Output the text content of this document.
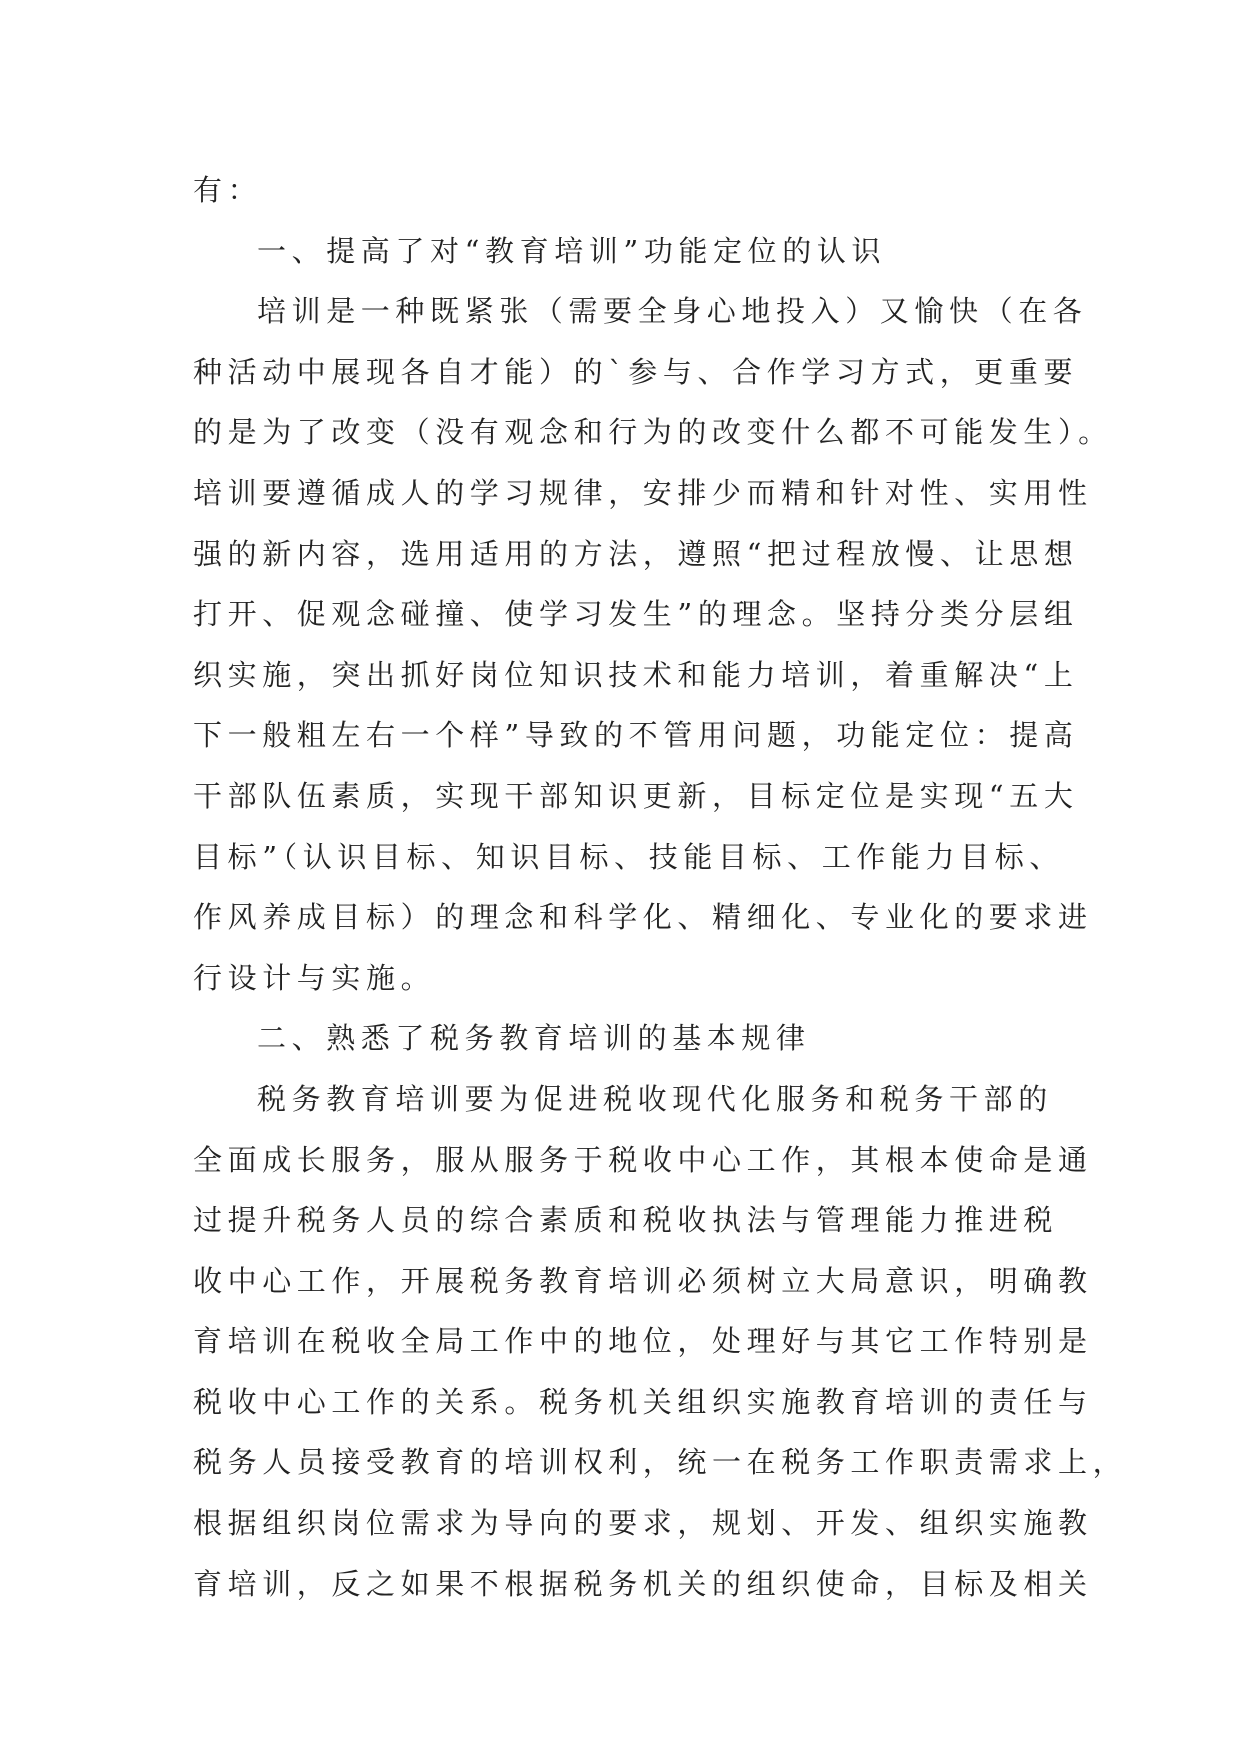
有：
一、提高了对“教育培训”功能定位的认识
培训是一种既紧张（需要全身心地投入）又愉快（在各
种活动中展现各自才能）的`参与、合作学习方式，更重要
的是为了改变（没有观念和行为的改变什么都不可能发生）。
培训要遵循成人的学习规律，安排少而精和针对性、实用性
强的新内容，选用适用的方法，遵照“把过程放慢、让思想
打开、促观念碰撞、使学习发生”的理念。坚持分类分层组
织实施，突出抓好岗位知识技术和能力培训，着重解决“上
下一般粗左右一个样”导致的不管用问题，功能定位：提高
干部队伍素质，实现干部知识更新，目标定位是实现“五大
目标”（认识目标、知识目标、技能目标、工作能力目标、
作风养成目标）的理念和科学化、精细化、专业化的要求进
行设计与实施。
二、熟悉了税务教育培训的基本规律
税务教育培训要为促进税收现代化服务和税务干部的
全面成长服务，服从服务于税收中心工作，其根本使命是通
过提升税务人员的综合素质和税收执法与管理能力推进税
收中心工作，开展税务教育培训必须树立大局意识，明确教
育培训在税收全局工作中的地位，处理好与其它工作特别是
税收中心工作的关系。税务机关组织实施教育培训的责任与
税务人员接受教育的培训权利，统一在税务工作职责需求上，
根据组织岗位需求为导向的要求，规划、开发、组织实施教
育培训，反之如果不根据税务机关的组织使命，目标及相关
